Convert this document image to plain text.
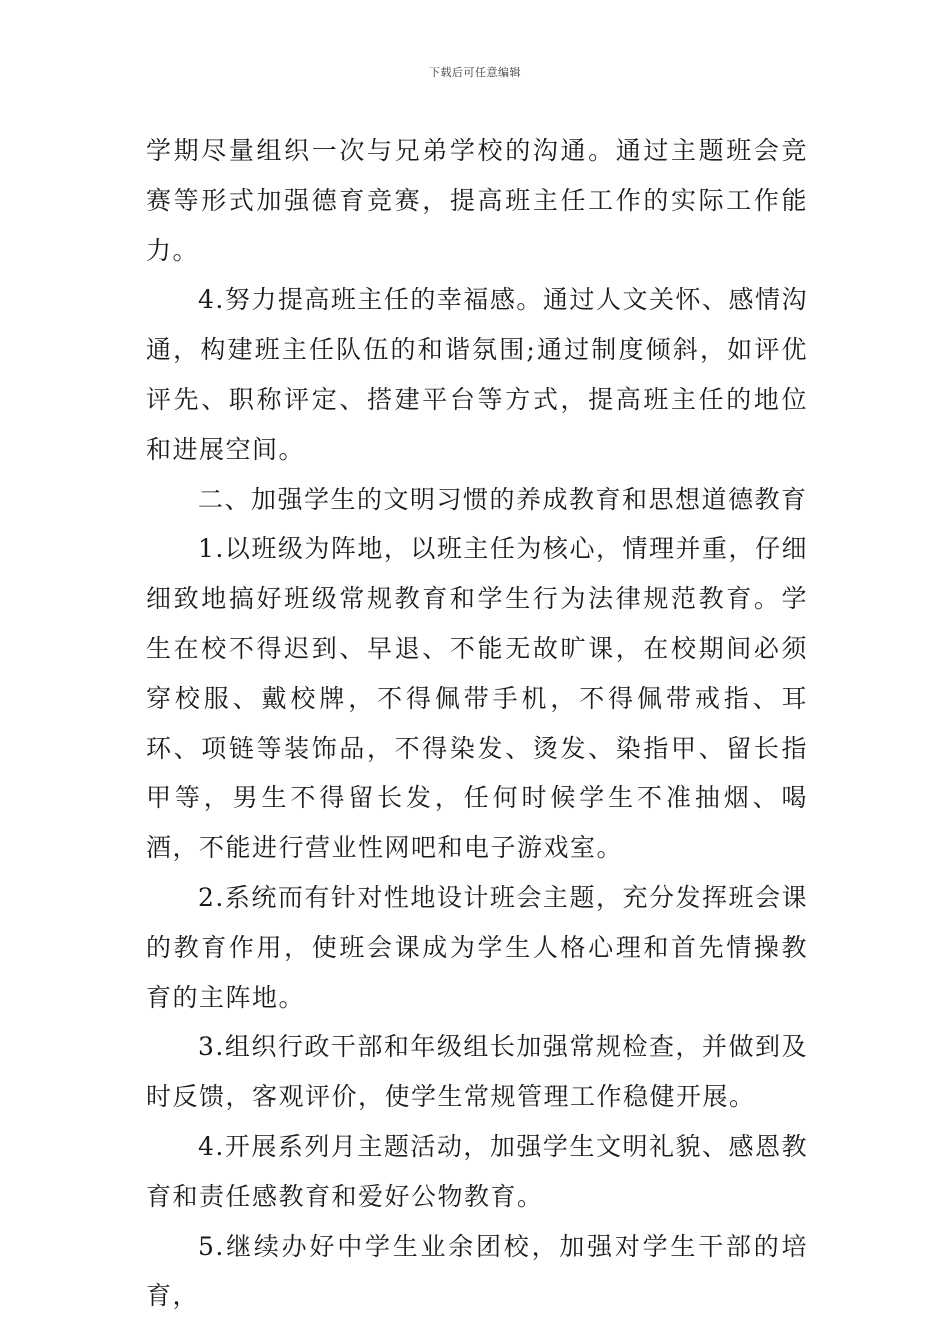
下载后可任意编辑

学期尽量组织一次与兄弟学校的沟通。通过主题班会竞赛等形式加强德育竞赛，提高班主任工作的实际工作能力。

4.努力提高班主任的幸福感。通过人文关怀、感情沟通，构建班主任队伍的和谐氛围;通过制度倾斜，如评优评先、职称评定、搭建平台等方式，提高班主任的地位和进展空间。

二、加强学生的文明习惯的养成教育和思想道德教育

1.以班级为阵地，以班主任为核心，情理并重，仔细细致地搞好班级常规教育和学生行为法律规范教育。学生在校不得迟到、早退、不能无故旷课，在校期间必须穿校服、戴校牌，不得佩带手机，不得佩带戒指、耳环、项链等装饰品，不得染发、烫发、染指甲、留长指甲等，男生不得留长发，任何时候学生不准抽烟、喝酒，不能进行营业性网吧和电子游戏室。

2.系统而有针对性地设计班会主题，充分发挥班会课的教育作用，使班会课成为学生人格心理和首先情操教育的主阵地。

3.组织行政干部和年级组长加强常规检查，并做到及时反馈，客观评价，使学生常规管理工作稳健开展。

4.开展系列月主题活动，加强学生文明礼貌、感恩教育和责任感教育和爱好公物教育。

5.继续办好中学生业余团校，加强对学生干部的培育，
